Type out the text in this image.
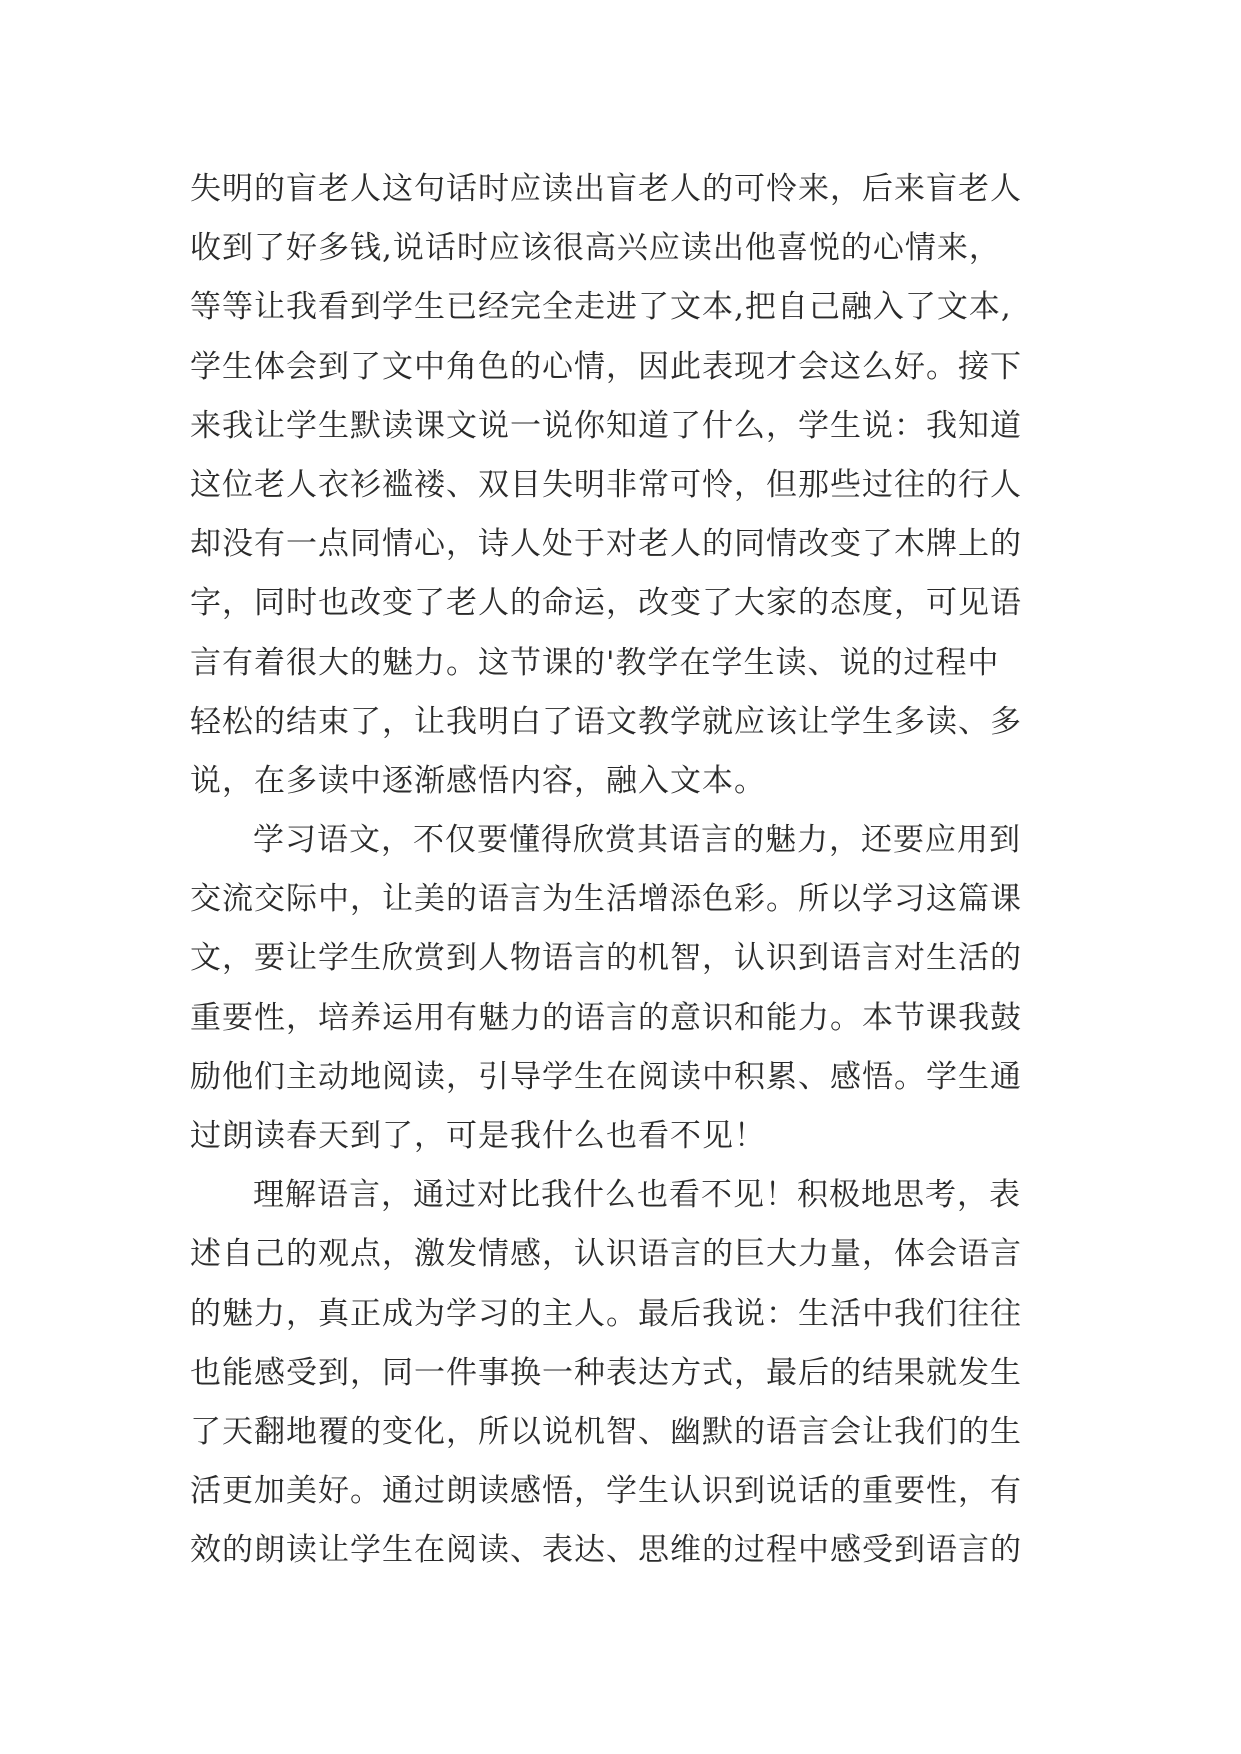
失明的盲老人这句话时应读出盲老人的可怜来，后来盲老人
收到了好多钱,说话时应该很高兴应读出他喜悦的心情来，
等等让我看到学生已经完全走进了文本,把自己融入了文本,
学生体会到了文中角色的心情，因此表现才会这么好。接下
来我让学生默读课文说一说你知道了什么，学生说：我知道
这位老人衣衫褴褛、双目失明非常可怜，但那些过往的行人
却没有一点同情心，诗人处于对老人的同情改变了木牌上的
字，同时也改变了老人的命运，改变了大家的态度，可见语
言有着很大的魅力。这节课的'教学在学生读、说的过程中
轻松的结束了，让我明白了语文教学就应该让学生多读、多
说，在多读中逐渐感悟内容，融入文本。
学习语文，不仅要懂得欣赏其语言的魅力，还要应用到
交流交际中，让美的语言为生活增添色彩。所以学习这篇课
文，要让学生欣赏到人物语言的机智，认识到语言对生活的
重要性，培养运用有魅力的语言的意识和能力。本节课我鼓
励他们主动地阅读，引导学生在阅读中积累、感悟。学生通
过朗读春天到了，可是我什么也看不见！
理解语言，通过对比我什么也看不见！积极地思考，表
述自己的观点，激发情感，认识语言的巨大力量，体会语言
的魅力，真正成为学习的主人。最后我说：生活中我们往往
也能感受到，同一件事换一种表达方式，最后的结果就发生
了天翻地覆的变化，所以说机智、幽默的语言会让我们的生
活更加美好。通过朗读感悟，学生认识到说话的重要性，有
效的朗读让学生在阅读、表达、思维的过程中感受到语言的
